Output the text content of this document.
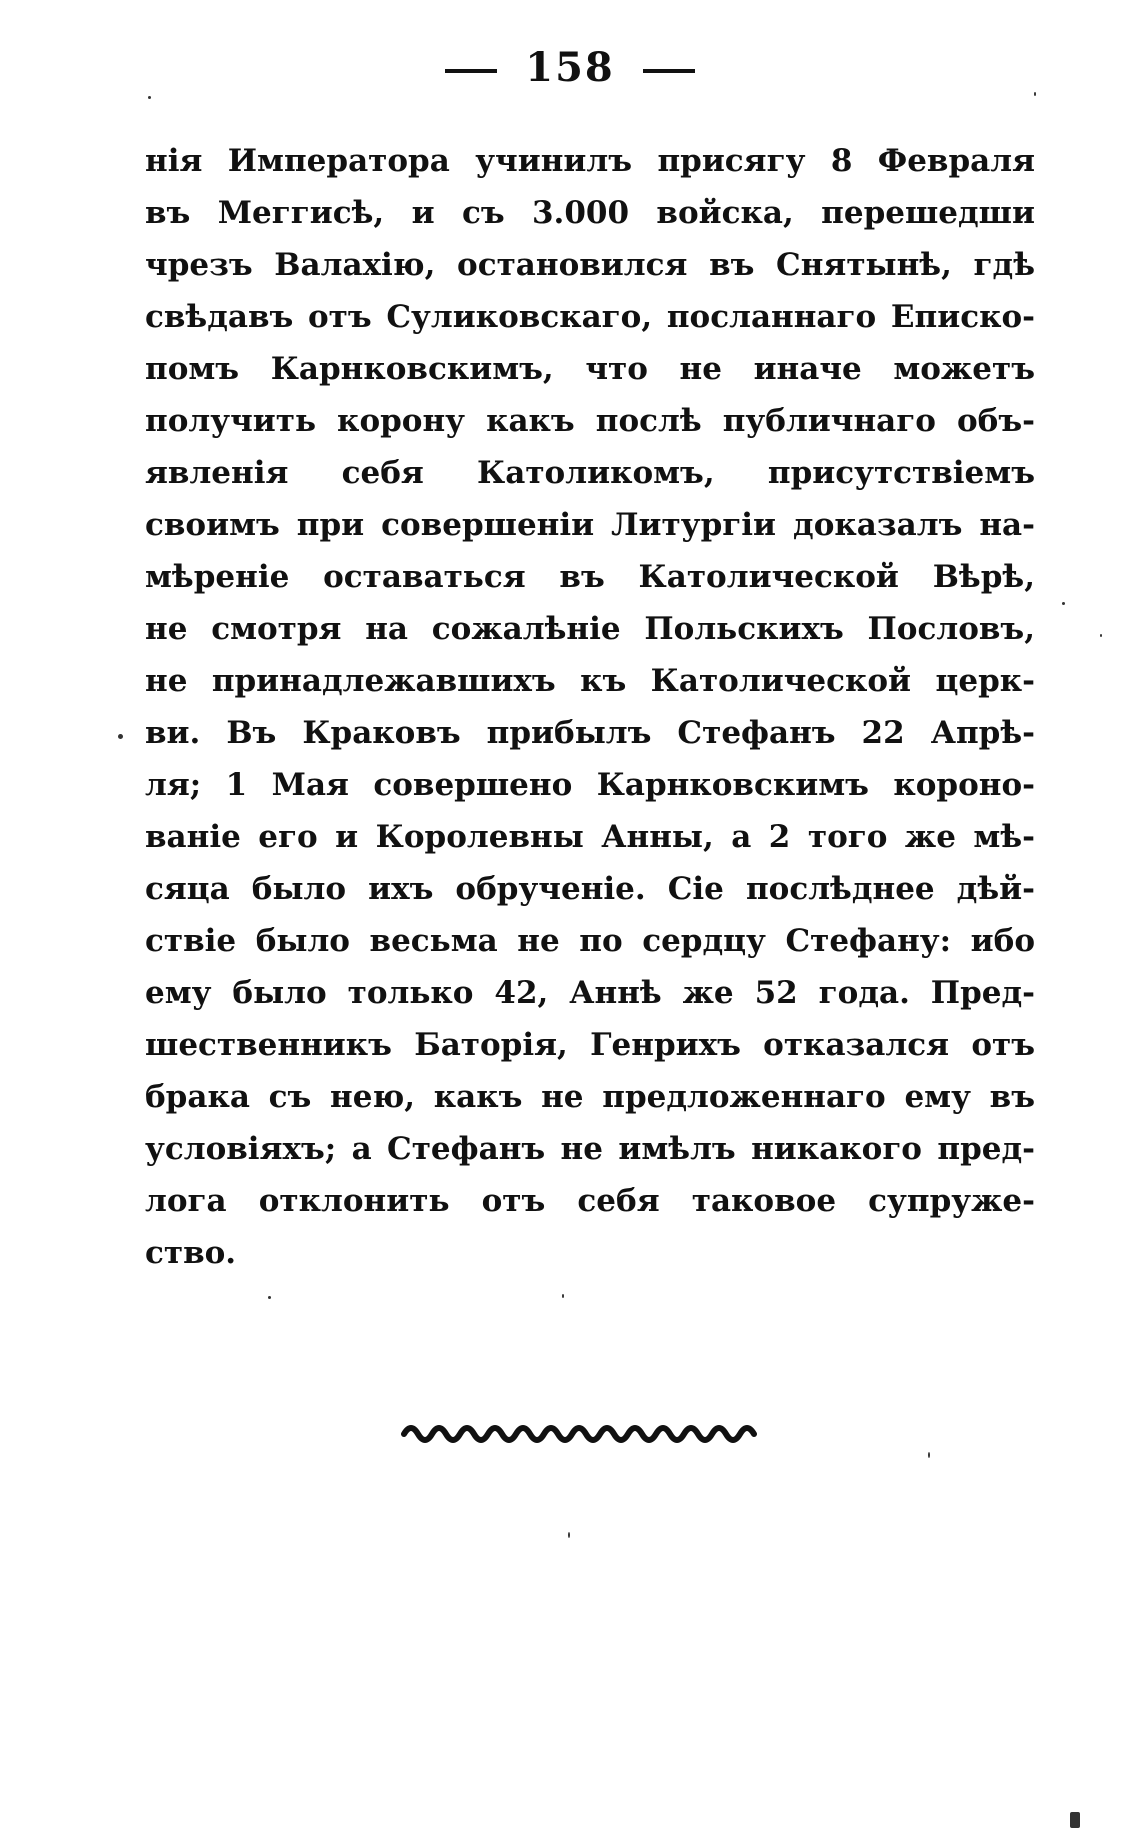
158
нія Императора учинилъ присягу 8 Февраля
въ Меггисѣ, и съ 3.000 войска, перешедши
чрезъ Валахію, остановился въ Снятынѣ, гдѣ
свѣдавъ отъ Суликовскаго, посланнаго Еписко-
помъ Карнковскимъ, что не иначе можетъ
получить корону какъ послѣ публичнаго объ-
явленія себя Католикомъ, присутствіемъ
своимъ при совершеніи Литургіи доказалъ на-
мѣреніе оставаться въ Католической Вѣрѣ,
не смотря на сожалѣніе Польскихъ Пословъ,
не принадлежавшихъ къ Католической церк-
ви. Въ Краковъ прибылъ Стефанъ 22 Апрѣ-
ля; 1 Мая совершено Карнковскимъ короно-
ваніе его и Королевны Анны, а 2 того же мѣ-
сяца было ихъ обрученіе. Сіе послѣднее дѣй-
ствіе было весьма не по сердцу Стефану: ибо
ему было только 42, Аннѣ же 52 года. Пред-
шественникъ Баторія, Генрихъ отказался отъ
брака съ нею, какъ не предложеннаго ему въ
условіяхъ; а Стефанъ не имѣлъ никакого пред-
лога отклонить отъ себя таковое супруже-
ство.
